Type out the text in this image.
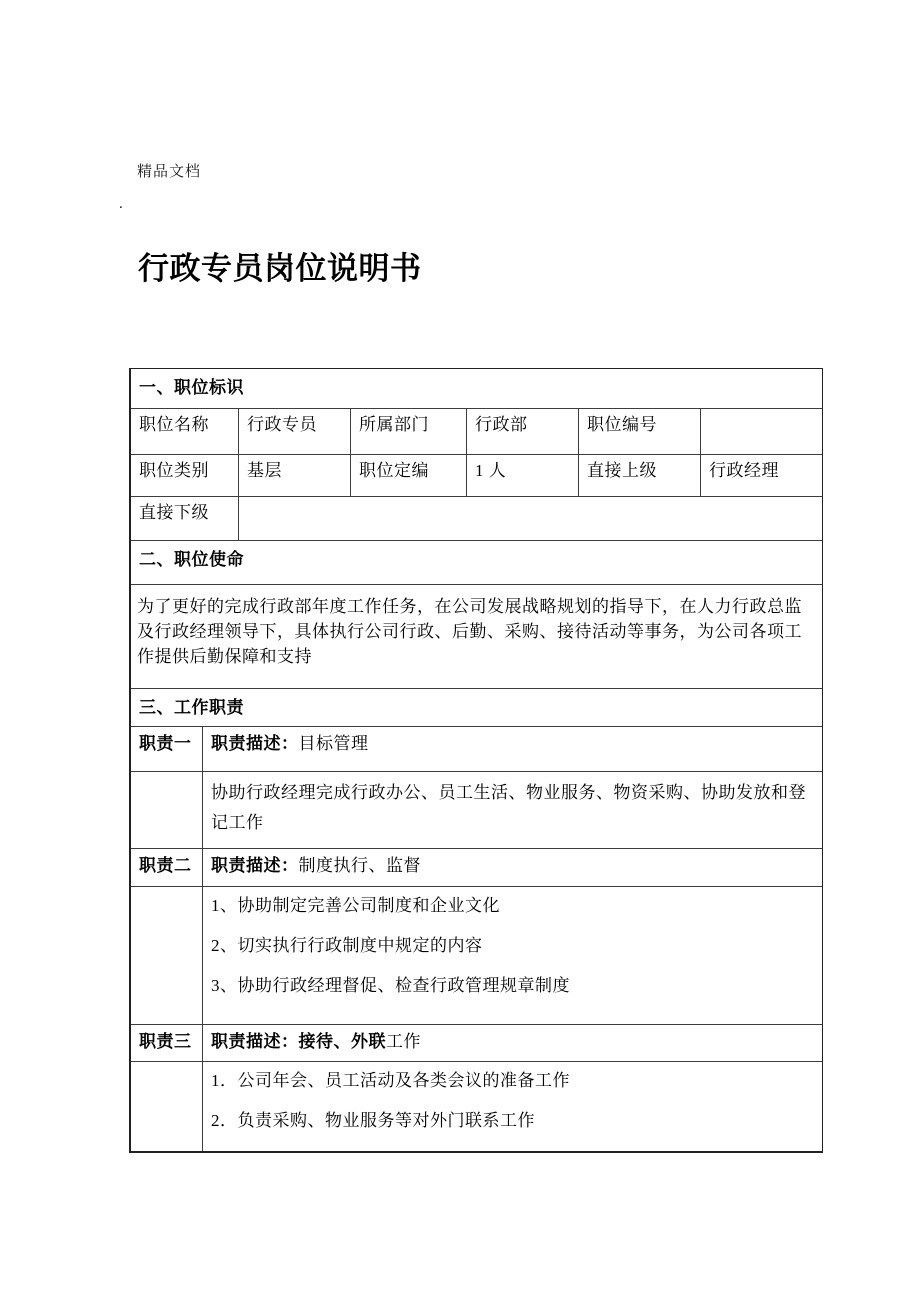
精品文档
.
行政专员岗位说明书
一、职位标识
职位名称	行政专员	所属部门	行政部	职位编号
职位类别	基层	职位定编	1 人	直接上级	行政经理
直接下级
二、职位使命
为了更好的完成行政部年度工作任务，在公司发展战略规划的指导下，在人力行政总监及行政经理领导下，具体执行公司行政、后勤、采购、接待活动等事务，为公司各项工作提供后勤保障和支持
三、工作职责
职责一	职责描述：目标管理
协助行政经理完成行政办公、员工生活、物业服务、物资采购、协助发放和登记工作
职责二	职责描述：制度执行、监督
1、协助制定完善公司制度和企业文化
2、切实执行行政制度中规定的内容
3、协助行政经理督促、检查行政管理规章制度
职责三	职责描述：接待、外联工作
1．公司年会、员工活动及各类会议的准备工作
2．负责采购、物业服务等对外门联系工作
